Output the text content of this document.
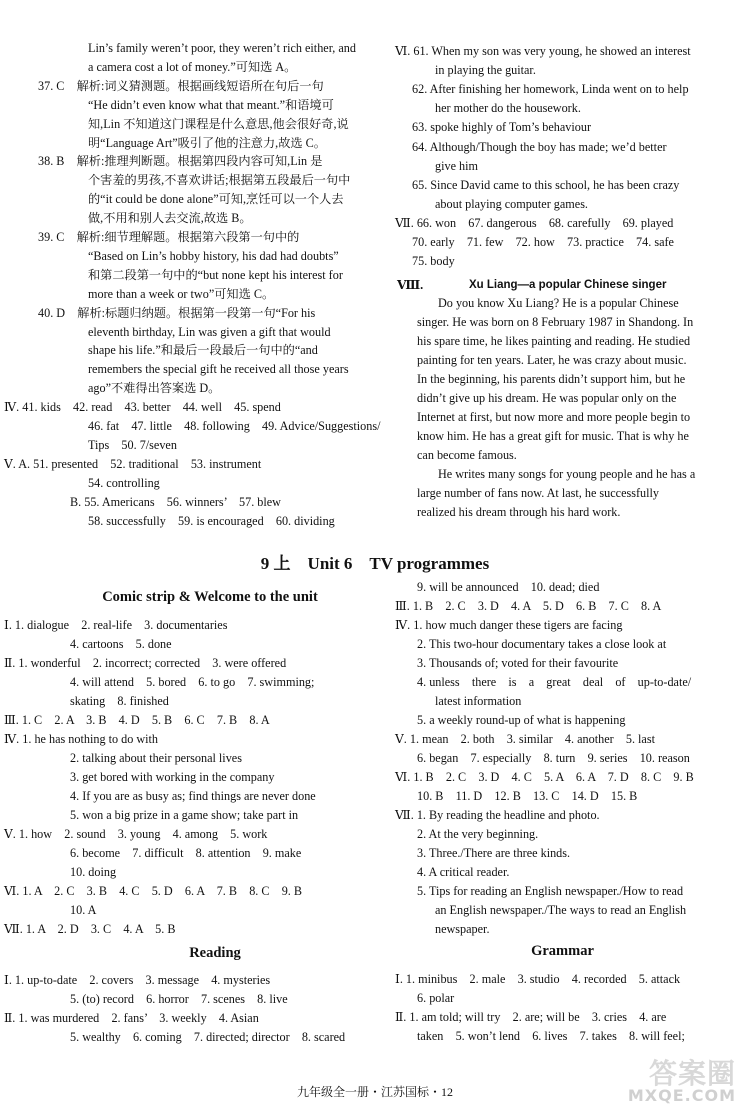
Lin’s family weren’t poor, they weren’t rich either, and
a camera cost a lot of money.”可知选 A。
37. C　解析:词义猜测题。根据画线短语所在句后一句
“He didn’t even know what that meant.”和语境可
知,Lin 不知道这门课程是什么意思,他会很好奇,说
明“Language Art”吸引了他的注意力,故选 C。
38. B　解析:推理判断题。根据第四段内容可知,Lin 是
个害羞的男孩,不喜欢讲话;根据第五段最后一句中
的“it could be done alone”可知,烹饪可以一个人去
做,不用和别人去交流,故选 B。
39. C　解析:细节理解题。根据第六段第一句中的
“Based on Lin’s hobby history, his dad had doubts”
和第二段第一句中的“but none kept his interest for
more than a week or two”可知选 C。
40. D　解析:标题归纳题。根据第一段第一句“For his
eleventh birthday, Lin was given a gift that would
shape his life.”和最后一段最后一句中的“and
remembers the special gift he received all those years
ago”不难得出答案选 D。
Ⅳ. 41. kids　42. read　43. better　44. well　45. spend
46. fat　47. little　48. following　49. Advice/Suggestions/
Tips　50. 7/seven
Ⅴ. A. 51. presented　52. traditional　53. instrument
54. controlling
B. 55. Americans　56. winners’　57. blew
58. successfully　59. is encouraged　60. dividing
Ⅵ. 61. When my son was very young, he showed an interest
in playing the guitar.
62. After finishing her homework, Linda went on to help
her mother do the housework.
63. spoke highly of Tom’s behaviour
64. Although/Though the boy has made; we’d better
give him
65. Since David came to this school, he has been crazy
about playing computer games.
Ⅶ. 66. won　67. dangerous　68. carefully　69. played
70. early　71. few　72. how　73. practice　74. safe
75. body
Ⅷ.	Xu Liang—a popular Chinese singer
Do you know Xu Liang? He is a popular Chinese
singer. He was born on 8 February 1987 in Shandong. In
his spare time, he likes painting and reading. He studied
painting for ten years. Later, he was crazy about music.
In the beginning, his parents didn’t support him, but he
didn’t give up his dream. He was popular only on the
Internet at first, but now more and more people begin to
know him. He has a great gift for music. That is why he
can become famous.
He writes many songs for young people and he has a
large number of fans now. At last, he successfully
realized his dream through his hard work.
9 上　Unit 6　TV programmes
Comic strip & Welcome to the unit
Reading	Grammar
Ⅰ. 1. dialogue　2. real-life　3. documentaries
4. cartoons　5. done
Ⅱ. 1. wonderful　2. incorrect; corrected　3. were offered
4. will attend　5. bored　6. to go　7. swimming;
skating　8. finished
Ⅲ. 1. C　2. A　3. B　4. D　5. B　6. C　7. B　8. A
Ⅳ. 1. he has nothing to do with
2. talking about their personal lives
3. get bored with working in the company
4. If you are as busy as; find things are never done
5. won a big prize in a game show; take part in
Ⅴ. 1. how　2. sound　3. young　4. among　5. work
6. become　7. difficult　8. attention　9. make
10. doing
Ⅵ. 1. A　2. C　3. B　4. C　5. D　6. A　7. B　8. C　9. B
10. A
Ⅶ. 1. A　2. D　3. C　4. A　5. B
Ⅰ. 1. up-to-date　2. covers　3. message　4. mysteries
5. (to) record　6. horror　7. scenes　8. live
Ⅱ. 1. was murdered　2. fans’　3. weekly　4. Asian
5. wealthy　6. coming　7. directed; director　8. scared
9. will be announced　10. dead; died
Ⅲ. 1. B　2. C　3. D　4. A　5. D　6. B　7. C　8. A
Ⅳ. 1. how much danger these tigers are facing
2. This two-hour documentary takes a close look at
3. Thousands of; voted for their favourite
4. unless　there　is　a　great　deal　of　up-to-date/
latest information
5. a weekly round-up of what is happening
Ⅴ. 1. mean　2. both　3. similar　4. another　5. last
6. began　7. especially　8. turn　9. series　10. reason
Ⅵ. 1. B　2. C　3. D　4. C　5. A　6. A　7. D　8. C　9. B
10. B　11. D　12. B　13. C　14. D　15. B
Ⅶ. 1. By reading the headline and photo.
2. At the very beginning.
3. Three./There are three kinds.
4. A critical reader.
5. Tips for reading an English newspaper./How to read
an English newspaper./The ways to read an English
newspaper.
Ⅰ. 1. minibus　2. male　3. studio　4. recorded　5. attack
6. polar
Ⅱ. 1. am told; will try　2. are; will be　3. cries　4. are
taken　5. won’t lend　6. lives　7. takes　8. will feel;
九年级全一册・江苏国标・12
答案圈
MXQE.COM
